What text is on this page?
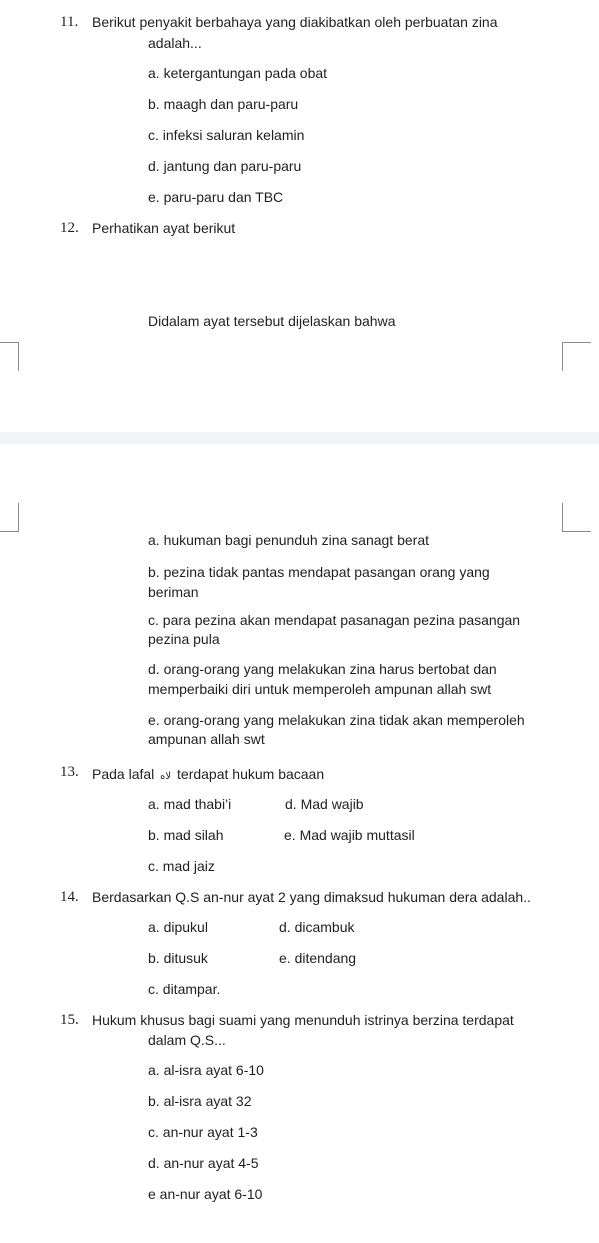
11. Berikut penyakit berbahaya yang diakibatkan oleh perbuatan zina
adalah...
a. ketergantungan pada obat
b. maagh dan paru-paru
c. infeksi saluran kelamin
d. jantung dan paru-paru
e. paru-paru dan TBC
12. Perhatikan ayat berikut
Didalam ayat tersebut dijelaskan bahwa
a. hukuman bagi penunduh zina sanagt berat
b. pezina tidak pantas mendapat pasangan orang yang
beriman
c. para pezina akan mendapat pasanagan pezina pasangan
pezina pula
d. orang-orang yang melakukan zina harus bertobat dan
memperbaiki diri untuk memperoleh ampunan allah swt
e. orang-orang yang melakukan zina tidak akan memperoleh
ampunan allah swt
13. Pada lafal ﻻﻩ terdapat hukum bacaan
a. mad thabi’i	d. Mad wajib
b. mad silah	e. Mad wajib muttasil
c. mad jaiz
14. Berdasarkan Q.S an-nur ayat 2 yang dimaksud hukuman dera adalah..
a. dipukul	d. dicambuk
b. ditusuk	e. ditendang
c. ditampar.
15. Hukum khusus bagi suami yang menunduh istrinya berzina terdapat
dalam Q.S...
a. al-isra ayat 6-10
b. al-isra ayat 32
c. an-nur ayat 1-3
d. an-nur ayat 4-5
e an-nur ayat 6-10
